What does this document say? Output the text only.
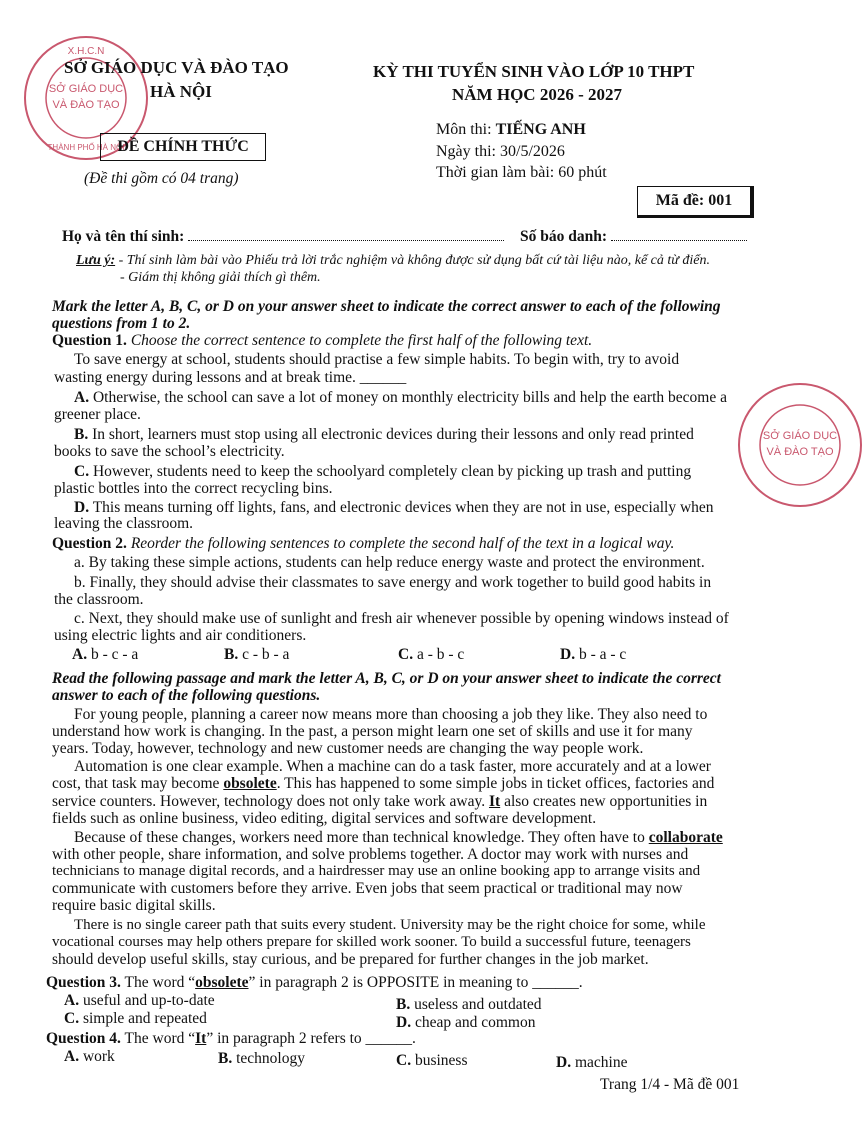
X.H.C.N
SỞ GIÁO DỤC
VÀ ĐÀO TẠO
THÀNH PHỐ HÀ NỘI
SỞ GIÁO DỤC
VÀ ĐÀO TẠO
SỞ GIÁO DỤC VÀ ĐÀO TẠO
HÀ NỘI
ĐỀ CHÍNH THỨC
(Đề thi gồm có 04 trang)
KỲ THI TUYỂN SINH VÀO LỚP 10 THPT
NĂM HỌC 2026 - 2027
Môn thi: TIẾNG ANH
Ngày thi: 30/5/2026
Thời gian làm bài: 60 phút
Mã đề: 001
Họ và tên thí sinh:	Số báo danh:
Lưu ý: - Thí sinh làm bài vào Phiếu trả lời trắc nghiệm và không được sử dụng bất cứ tài liệu nào, kể cả từ điển.
- Giám thị không giải thích gì thêm.
Mark the letter A, B, C, or D on your answer sheet to indicate the correct answer to each of the following
questions from 1 to 2.
Question 1. Choose the correct sentence to complete the first half of the following text.
To save energy at school, students should practise a few simple habits. To begin with, try to avoid
wasting energy during lessons and at break time. ______
A. Otherwise, the school can save a lot of money on monthly electricity bills and help the earth become a
greener place.
B. In short, learners must stop using all electronic devices during their lessons and only read printed
books to save the school’s electricity.
C. However, students need to keep the schoolyard completely clean by picking up trash and putting
plastic bottles into the correct recycling bins.
D. This means turning off lights, fans, and electronic devices when they are not in use, especially when
leaving the classroom.
Question 2. Reorder the following sentences to complete the second half of the text in a logical way.
a. By taking these simple actions, students can help reduce energy waste and protect the environment.
b. Finally, they should advise their classmates to save energy and work together to build good habits in
the classroom.
c. Next, they should make use of sunlight and fresh air whenever possible by opening windows instead of
using electric lights and air conditioners.
A. b - c - a	B. c - b - a	C. a - b - c	D. b - a - c
Read the following passage and mark the letter A, B, C, or D on your answer sheet to indicate the correct
answer to each of the following questions.
For young people, planning a career now means more than choosing a job they like. They also need to
understand how work is changing. In the past, a person might learn one set of skills and use it for many
years. Today, however, technology and new customer needs are changing the way people work.
Automation is one clear example. When a machine can do a task faster, more accurately and at a lower
cost, that task may become obsolete. This has happened to some simple jobs in ticket offices, factories and
service counters. However, technology does not only take work away. It also creates new opportunities in
fields such as online business, video editing, digital services and software development.
Because of these changes, workers need more than technical knowledge. They often have to collaborate
with other people, share information, and solve problems together. A doctor may work with nurses and
technicians to manage digital records, and a hairdresser may use an online booking app to arrange visits and
communicate with customers before they arrive. Even jobs that seem practical or traditional may now
require basic digital skills.
There is no single career path that suits every student. University may be the right choice for some, while
vocational courses may help others prepare for skilled work sooner. To build a successful future, teenagers
should develop useful skills, stay curious, and be prepared for further changes in the job market.
Question 3. The word “obsolete” in paragraph 2 is OPPOSITE in meaning to ______.
A. useful and up-to-date	B. useless and outdated
C. simple and repeated	D. cheap and common
Question 4. The word “It” in paragraph 2 refers to ______.
A. work	B. technology	C. business	D. machine
Trang 1/4 - Mã đề 001
